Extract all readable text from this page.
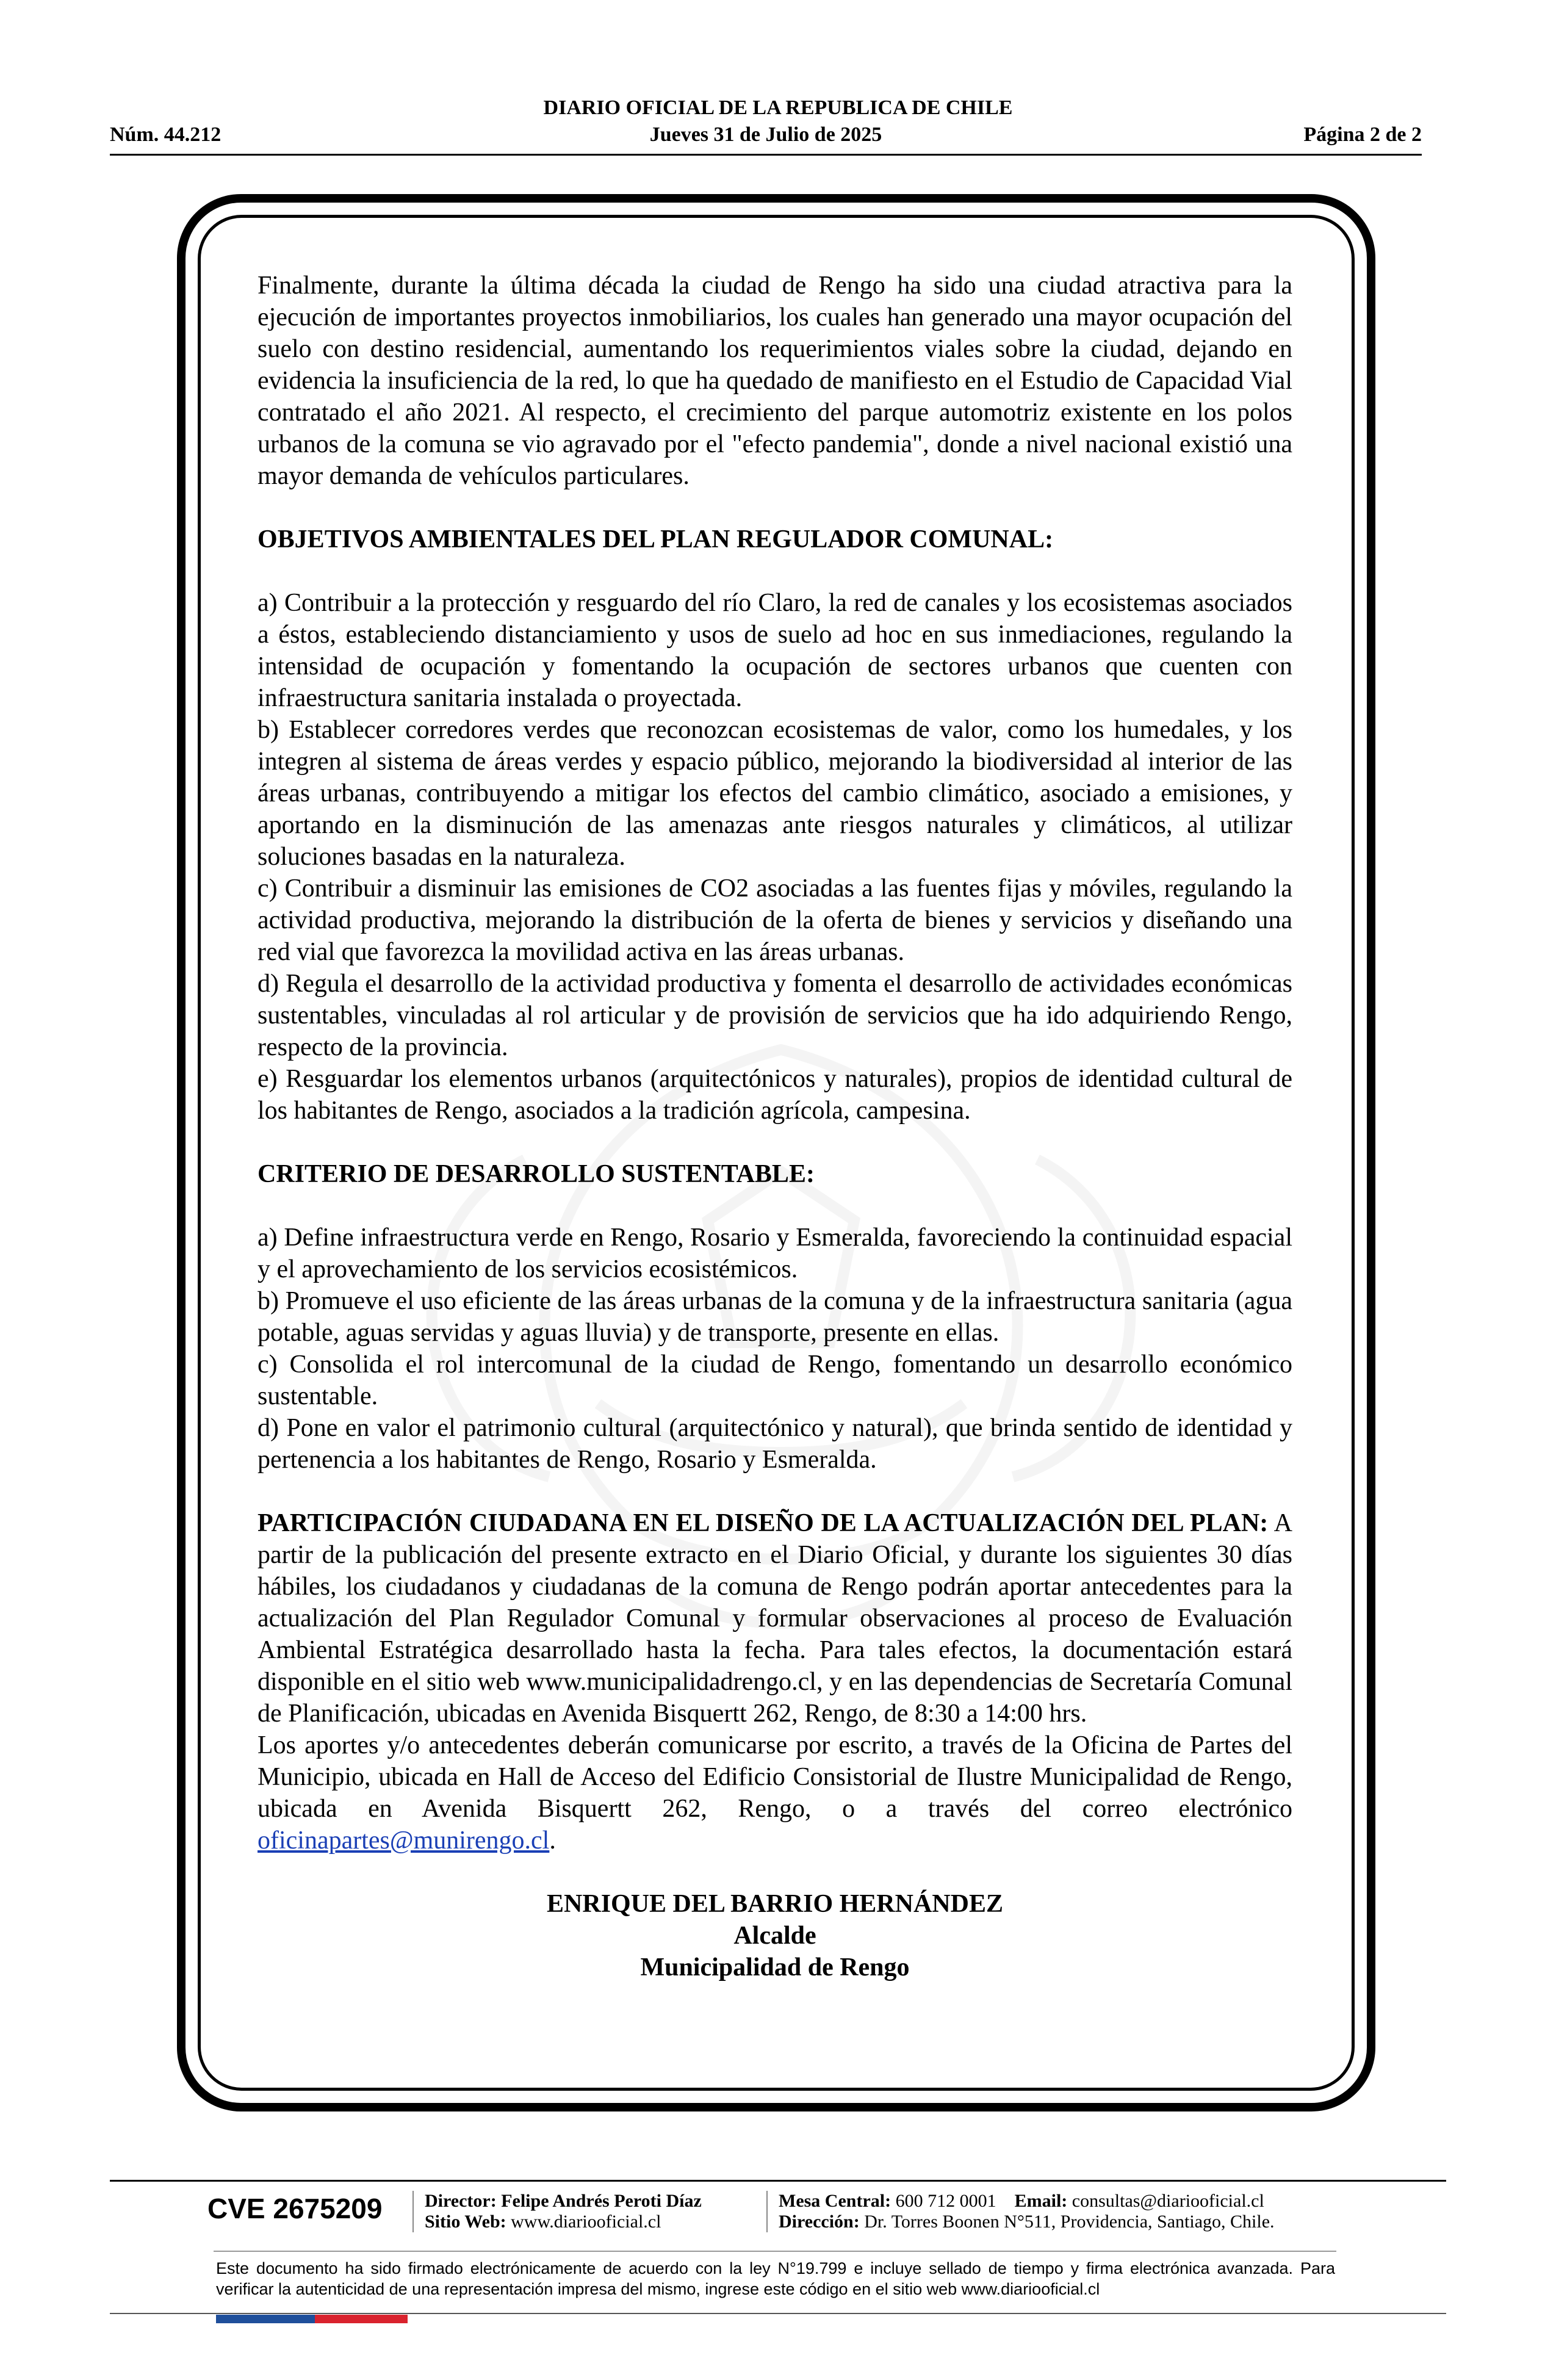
DIARIO OFICIAL DE LA REPUBLICA DE CHILE
Núm. 44.212	Jueves 31 de Julio de 2025	Página 2 de 2

Finalmente, durante la última década la ciudad de Rengo ha sido una ciudad atractiva para la ejecución de importantes proyectos inmobiliarios, los cuales han generado una mayor ocupación del suelo con destino residencial, aumentando los requerimientos viales sobre la ciudad, dejando en evidencia la insuficiencia de la red, lo que ha quedado de manifiesto en el Estudio de Capacidad Vial contratado el año 2021. Al respecto, el crecimiento del parque automotriz existente en los polos urbanos de la comuna se vio agravado por el "efecto pandemia", donde a nivel nacional existió una mayor demanda de vehículos particulares.

OBJETIVOS AMBIENTALES DEL PLAN REGULADOR COMUNAL:

a) Contribuir a la protección y resguardo del río Claro, la red de canales y los ecosistemas asociados a éstos, estableciendo distanciamiento y usos de suelo ad hoc en sus inmediaciones, regulando la intensidad de ocupación y fomentando la ocupación de sectores urbanos que cuenten con infraestructura sanitaria instalada o proyectada.

b) Establecer corredores verdes que reconozcan ecosistemas de valor, como los humedales, y los integren al sistema de áreas verdes y espacio público, mejorando la biodiversidad al interior de las áreas urbanas, contribuyendo a mitigar los efectos del cambio climático, asociado a emisiones, y aportando en la disminución de las amenazas ante riesgos naturales y climáticos, al utilizar soluciones basadas en la naturaleza.

c) Contribuir a disminuir las emisiones de CO2 asociadas a las fuentes fijas y móviles, regulando la actividad productiva, mejorando la distribución de la oferta de bienes y servicios y diseñando una red vial que favorezca la movilidad activa en las áreas urbanas.

d) Regula el desarrollo de la actividad productiva y fomenta el desarrollo de actividades económicas sustentables, vinculadas al rol articular y de provisión de servicios que ha ido adquiriendo Rengo, respecto de la provincia.

e) Resguardar los elementos urbanos (arquitectónicos y naturales), propios de identidad cultural de los habitantes de Rengo, asociados a la tradición agrícola, campesina.

CRITERIO DE DESARROLLO SUSTENTABLE:

a) Define infraestructura verde en Rengo, Rosario y Esmeralda, favoreciendo la continuidad espacial y el aprovechamiento de los servicios ecosistémicos.

b) Promueve el uso eficiente de las áreas urbanas de la comuna y de la infraestructura sanitaria (agua potable, aguas servidas y aguas lluvia) y de transporte, presente en ellas.

c) Consolida el rol intercomunal de la ciudad de Rengo, fomentando un desarrollo económico sustentable.

d) Pone en valor el patrimonio cultural (arquitectónico y natural), que brinda sentido de identidad y pertenencia a los habitantes de Rengo, Rosario y Esmeralda.

PARTICIPACIÓN CIUDADANA EN EL DISEÑO DE LA ACTUALIZACIÓN DEL PLAN: A partir de la publicación del presente extracto en el Diario Oficial, y durante los siguientes 30 días hábiles, los ciudadanos y ciudadanas de la comuna de Rengo podrán aportar antecedentes para la actualización del Plan Regulador Comunal y formular observaciones al proceso de Evaluación Ambiental Estratégica desarrollado hasta la fecha. Para tales efectos, la documentación estará disponible en el sitio web www.municipalidadrengo.cl, y en las dependencias de Secretaría Comunal de Planificación, ubicadas en Avenida Bisquertt 262, Rengo, de 8:30 a 14:00 hrs.

Los aportes y/o antecedentes deberán comunicarse por escrito, a través de la Oficina de Partes del Municipio, ubicada en Hall de Acceso del Edificio Consistorial de Ilustre Municipalidad de Rengo, ubicada en Avenida Bisquertt 262, Rengo, o a través del correo electrónico oficinapartes@munirengo.cl.

ENRIQUE DEL BARRIO HERNÁNDEZ

Alcalde

Municipalidad de Rengo

CVE 2675209 Director: Felipe Andrés Peroti Díaz
Sitio Web: www.diariooficial.cl
Mesa Central: 600 712 0001 Email: consultas@diariooficial.cl
Dirección: Dr. Torres Boonen N°511, Providencia, Santiago, Chile.
Este documento ha sido firmado electrónicamente de acuerdo con la ley N°19.799 e incluye sellado de tiempo y firma electrónica avanzada. Para verificar la autenticidad de una representación impresa del mismo, ingrese este código en el sitio web www.diariooficial.cl
